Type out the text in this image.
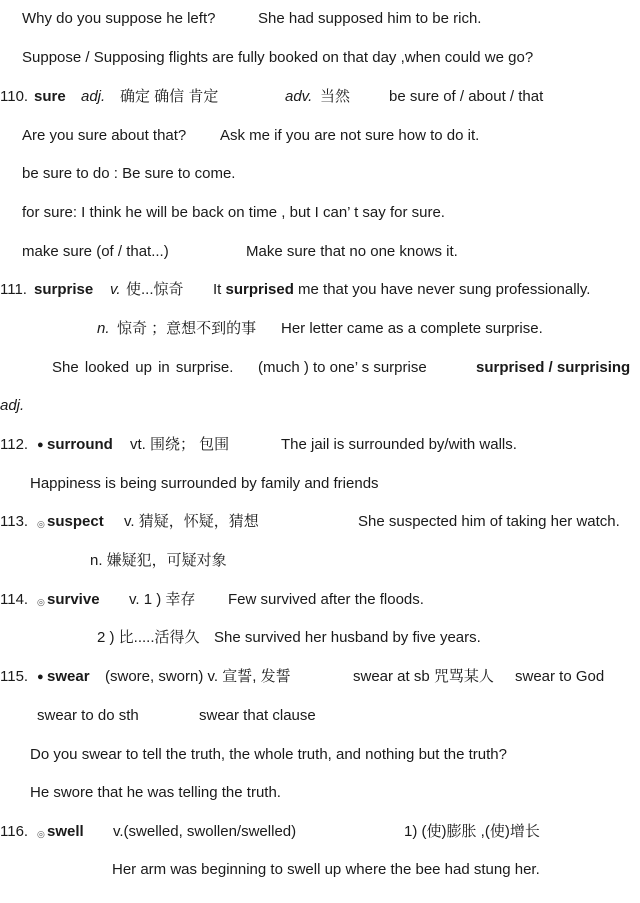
Why do you suppose he left?	She had supposed him to be rich.
Suppose / Supposing flights are fully booked on that day ,when could we go?
110. sure adj. 确定 确信 肯定	adv. 当然	be sure of / about / that
Are you sure about that? Ask me if you are not sure how to do it.
be sure to do : Be sure to come.
for sure: I think he will be back on time , but I can’ t say for sure.
make sure (of / that...)	Make sure that no one knows it.
111. surprise v. 使...惊奇 It surprised me that you have never sung professionally.
n. 惊奇 ；意想不到的事 Her letter came as a complete surprise.
She looked up in surprise. (much ) to one’ s surprise	surprised / surprising
adj.
112. ● surround vt. 围绕； 包围	The jail is surrounded by/with walls.
Happiness is being surrounded by family and friends
113. ◎ suspect v. 猜疑，怀疑，猜想	She suspected him of taking her watch.
n. 嫌疑犯，可疑对象
114. ◎ survive v. 1 ) 幸存 Few survived after the floods.
2 ) 比.....活得久 She survived her husband by five years.
115. ● swear (swore, sworn) v. 宣誓, 发誓	swear at sb 咒骂某人 swear to God
swear to do sth	swear that clause
Do you swear to tell the truth, the whole truth, and nothing but the truth?
He swore that he was telling the truth.
116. ◎ swell v.(swelled, swollen/swelled)	1) (使)膨胀 ,(使)增长
Her arm was beginning to swell up where the bee had stung her.
